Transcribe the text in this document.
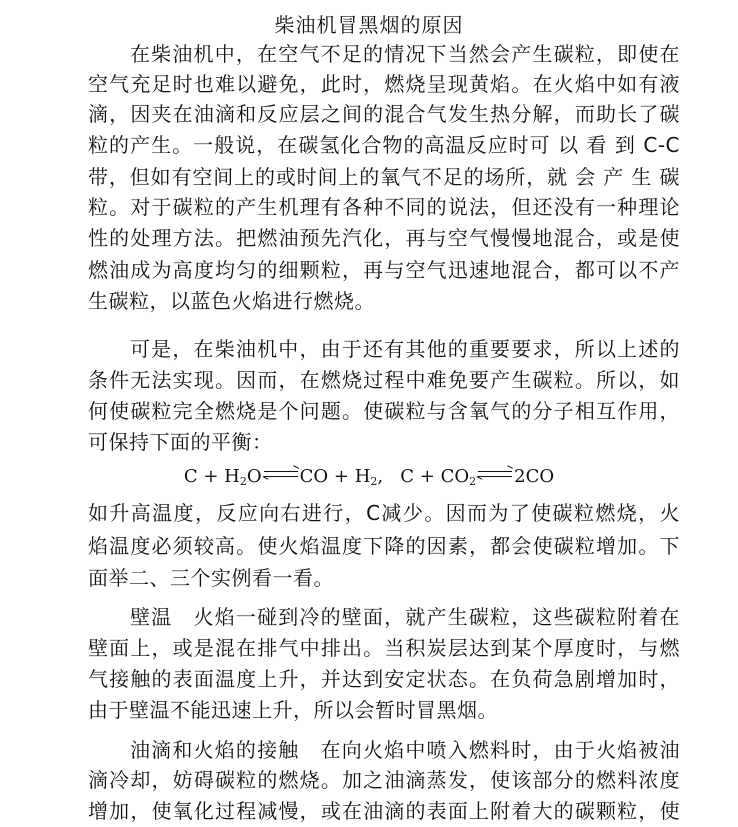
柴油机冒黑烟的原因
在柴油机中，在空气不足的情况下当然会产生碳粒，即使在
空气充足时也难以避免，此时，燃烧呈现黄焰。在火焰中如有液
滴，因夹在油滴和反应层之间的混合气发生热分解，而助长了碳
粒的产生。一般说，在碳氢化合物的高温反应时可 以 看 到 C-C
带，但如有空间上的或时间上的氧气不足的场所，就 会 产 生 碳
粒。对于碳粒的产生机理有各种不同的说法，但还没有一种理论
性的处理方法。把燃油预先汽化，再与空气慢慢地混合，或是使
燃油成为高度均匀的细颗粒，再与空气迅速地混合，都可以不产
生碳粒，以蓝色火焰进行燃烧。
可是，在柴油机中，由于还有其他的重要要求，所以上述的
条件无法实现。因而，在燃烧过程中难免要产生碳粒。所以，如
何使碳粒完全燃烧是个问题。使碳粒与含氧气的分子相互作用，
可保持下面的平衡：
$C + H_2O$ CO + $H_2$,   $C + CO_2$ 2CO
如升高温度，反应向右进行，C减少。因而为了使碳粒燃烧，火
焰温度必须较高。使火焰温度下降的因素，都会使碳粒增加。下
面举二、三个实例看一看。
壁温　火焰一碰到冷的壁面，就产生碳粒，这些碳粒附着在
壁面上，或是混在排气中排出。当积炭层达到某个厚度时，与燃
气接触的表面温度上升，并达到安定状态。在负荷急剧增加时，
由于壁温不能迅速上升，所以会暂时冒黑烟。
油滴和火焰的接触　在向火焰中喷入燃料时，由于火焰被油
滴冷却，妨碍碳粒的燃烧。加之油滴蒸发，使该部分的燃料浓度
增加，使氧化过程减慢，或在油滴的表面上附着大的碳颗粒，使
